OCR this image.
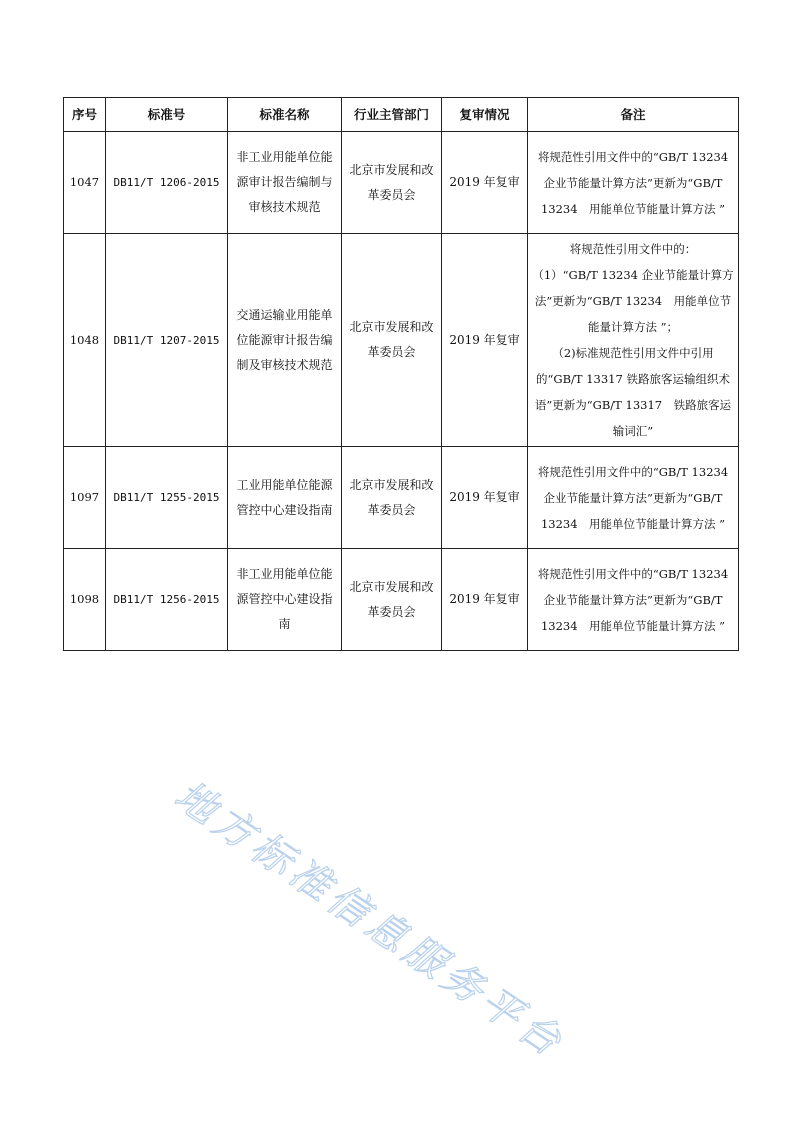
序号	标准号	标准名称	行业主管部门	复审情况	备注
1047	DB11/T 1206-2015	非工业用能单位能源审计报告编制与审核技术规范	北京市发展和改革委员会	2019 年复审	将规范性引用文件中的“GB/T 13234 企业节能量计算方法”更新为“GB/T 13234　用能单位节能量计算方法 ”

1048	DB11/T 1207-2015	交通运输业用能单位能源审计报告编制及审核技术规范	北京市发展和改革委员会	2019 年复审	将规范性引用文件中的：
（1）“GB/T 13234 企业节能量计算方法”更新为“GB/T 13234　用能单位节能量计算方法 ”；
（2)标准规范性引用文件中引用的“GB/T 13317 铁路旅客运输组织术语”更新为“GB/T 13317　铁路旅客运输词汇”

1097	DB11/T 1255-2015	工业用能单位能源管控中心建设指南	北京市发展和改革委员会	2019 年复审	将规范性引用文件中的“GB/T 13234 企业节能量计算方法”更新为“GB/T 13234　用能单位节能量计算方法 ”

1098	DB11/T 1256-2015	非工业用能单位能源管控中心建设指南	北京市发展和改革委员会	2019 年复审	将规范性引用文件中的“GB/T 13234 企业节能量计算方法”更新为“GB/T 13234　用能单位节能量计算方法 ”
地方标准信息服务平台
